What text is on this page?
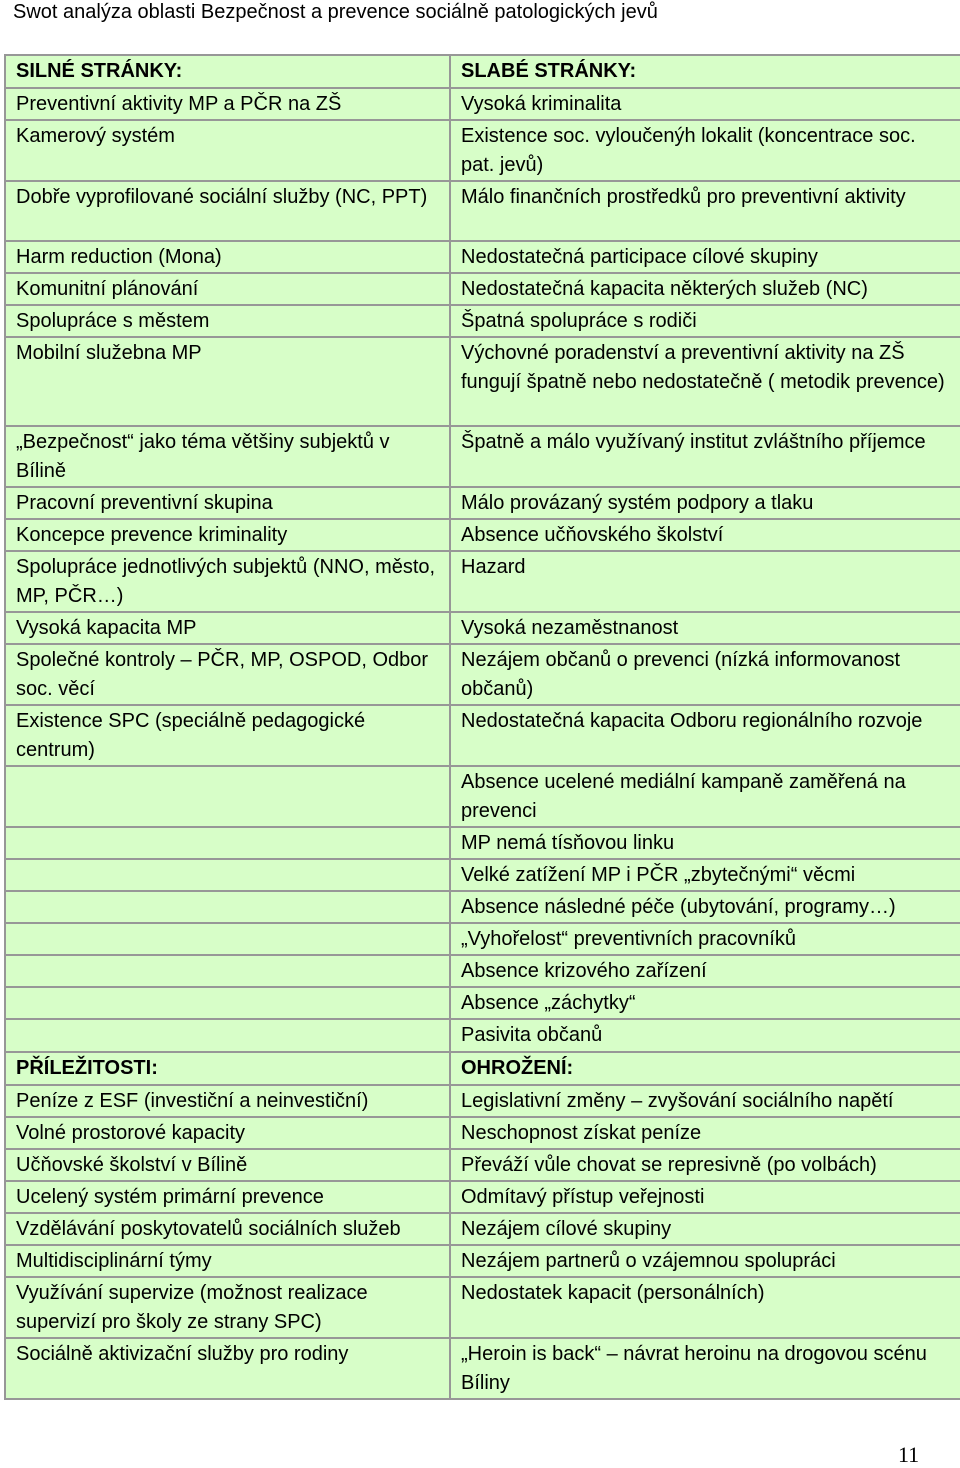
Swot analýza oblasti Bezpečnost a prevence sociálně patologických jevů
SILNÉ STRÁNKY:	SLABÉ STRÁNKY:
Preventivní aktivity MP a PČR na ZŠ	Vysoká kriminalita
Kamerový systém	Existence soc. vyloučenýh lokalit (koncentrace soc. pat. jevů)
Dobře vyprofilované sociální služby (NC, PPT)	Málo finančních prostředků pro preventivní aktivity
Harm reduction (Mona)	Nedostatečná participace cílové skupiny
Komunitní plánování	Nedostatečná kapacita některých služeb (NC)
Spolupráce s městem	Špatná spolupráce s rodiči
Mobilní služebna MP	Výchovné poradenství a preventivní aktivity na ZŠ fungují špatně nebo nedostatečně ( metodik prevence)
„Bezpečnost“ jako téma většiny subjektů v Bílině	Špatně a málo využívaný institut zvláštního příjemce
Pracovní preventivní skupina	Málo provázaný systém podpory a tlaku
Koncepce prevence kriminality	Absence učňovského školství
Spolupráce jednotlivých subjektů (NNO, město, MP, PČR…)	Hazard
Vysoká kapacita MP	Vysoká nezaměstnanost
Společné kontroly – PČR, MP, OSPOD, Odbor soc. věcí	Nezájem občanů o prevenci (nízká informovanost občanů)
Existence SPC (speciálně pedagogické centrum)	Nedostatečná kapacita Odboru regionálního rozvoje
	Absence ucelené mediální kampaně zaměřená na prevenci
	MP nemá tísňovou linku
	Velké zatížení MP i PČR „zbytečnými“ věcmi
	Absence následné péče (ubytování, programy…)
	„Vyhořelost“ preventivních pracovníků
	Absence krizového zařízení
	Absence „záchytky“
	Pasivita občanů
PŘÍLEŽITOSTI:	OHROŽENÍ:
Peníze z ESF (investiční a neinvestiční)	Legislativní změny – zvyšování sociálního napětí
Volné prostorové kapacity	Neschopnost získat peníze
Učňovské školství v Bílině	Převáží vůle chovat se represivně (po volbách)
Ucelený systém primární prevence	Odmítavý přístup veřejnosti
Vzdělávání poskytovatelů sociálních služeb	Nezájem cílové skupiny
Multidisciplinární týmy	Nezájem partnerů o vzájemnou spolupráci
Využívání supervize (možnost realizace supervizí pro školy ze strany SPC)	Nedostatek kapacit (personálních)
Sociálně aktivizační služby pro rodiny	„Heroin is back“ – návrat heroinu na drogovou scénu Bíliny
11
